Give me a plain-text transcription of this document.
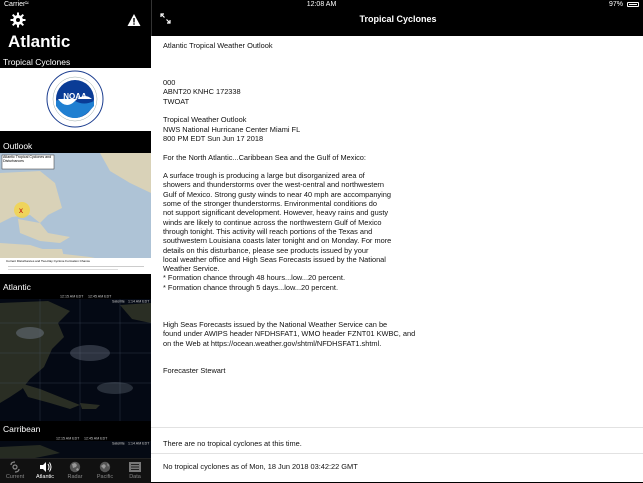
Atlantic
Tropical Cyclones
NOAA
Outlook
x
Atlantic Tropical Cyclones and Disturbances
Current Disturbances and Two-Day Cyclone Formation Chance
Atlantic
12:15 AM EDT 12:45 AM EDT
Satellite 1:14 AM EDT
Carribean
12:15 AM EDT 12:45 AM EDT
Satellite 1:14 AM EDT
Current	Atlantic	Radar	Pacific	Data
Tropical Cyclones
Atlantic Tropical Weather Outlook

000
ABNT20 KNHC 172338
TWOAT

Tropical Weather Outlook
NWS National Hurricane Center Miami FL
800 PM EDT Sun Jun 17 2018

For the North Atlantic...Caribbean Sea and the Gulf of Mexico:

A surface trough is producing a large but disorganized area of
showers and thunderstorms over the west-central and northwestern
Gulf of Mexico. Strong gusty winds to near 40 mph are accompanying
some of the stronger thunderstorms. Environmental conditions do
not support significant development. However, heavy rains and gusty
winds are likely to continue across the northwestern Gulf of Mexico
through tonight. This activity will reach portions of the Texas and
southwestern Louisiana coasts later tonight and on Monday. For more
details on this disturbance, please see products issued by your
local weather office and High Seas Forecasts issued by the National
Weather Service.
* Formation chance through 48 hours...low...20 percent.
* Formation chance through 5 days...low...20 percent.

High Seas Forecasts issued by the National Weather Service can be
found under AWIPS header NFDHSFAT1, WMO header FZNT01 KWBC, and
on the Web at https://ocean.weather.gov/shtml/NFDHSFAT1.shtml.

Forecaster Stewart
There are no tropical cyclones at this time.
No tropical cyclones as of Mon, 18 Jun 2018 03:42:22 GMT
Carrier ≈	12:08 AM	97%
